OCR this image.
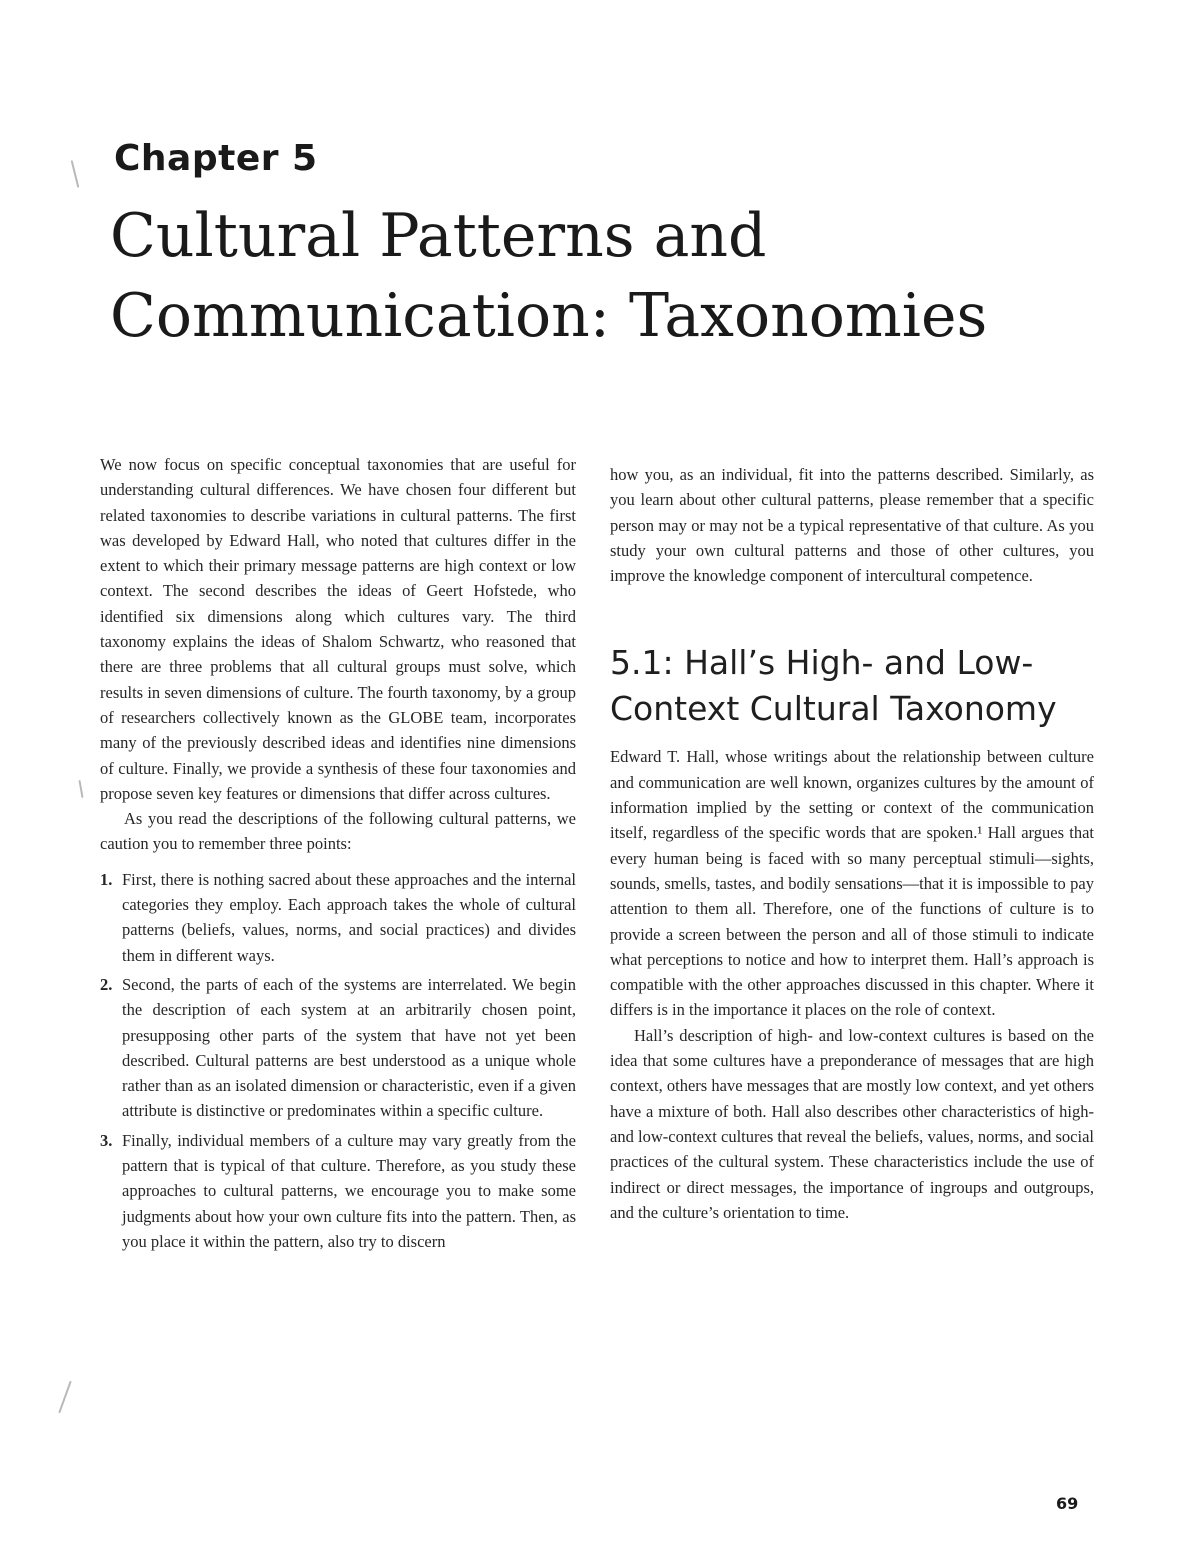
Chapter 5
Cultural Patterns and
Communication: Taxonomies

We now focus on specific conceptual taxonomies that are useful for understanding cultural differences. We have chosen four different but related taxonomies to describe variations in cultural patterns. The first was developed by Edward Hall, who noted that cultures differ in the extent to which their primary message patterns are high context or low context. The second describes the ideas of Geert Hofstede, who identified six dimensions along which cultures vary. The third taxonomy explains the ideas of Shalom Schwartz, who reasoned that there are three problems that all cultural groups must solve, which results in seven dimensions of culture. The fourth taxonomy, by a group of researchers collectively known as the GLOBE team, incorporates many of the previously described ideas and identifies nine dimensions of culture. Finally, we provide a synthesis of these four taxonomies and propose seven key features or dimensions that differ across cultures.

As you read the descriptions of the following cultural patterns, we caution you to remember three points:

1. First, there is nothing sacred about these approaches and the internal categories they employ. Each approach takes the whole of cultural patterns (beliefs, values, norms, and social practices) and divides them in different ways.
2. Second, the parts of each of the systems are interrelated. We begin the description of each system at an arbitrarily chosen point, presupposing other parts of the system that have not yet been described. Cultural patterns are best understood as a unique whole rather than as an isolated dimension or characteristic, even if a given attribute is distinctive or predominates within a specific culture.
3. Finally, individual members of a culture may vary greatly from the pattern that is typical of that culture. Therefore, as you study these approaches to cultural patterns, we encourage you to make some judgments about how your own culture fits into the pattern. Then, as you place it within the pattern, also try to discern

how you, as an individual, fit into the patterns described. Similarly, as you learn about other cultural patterns, please remember that a specific person may or may not be a typical representative of that culture. As you study your own cultural patterns and those of other cultures, you improve the knowledge component of intercultural competence.

5.1: Hall’s High- and Low-Context Cultural Taxonomy

Edward T. Hall, whose writings about the relationship between culture and communication are well known, organizes cultures by the amount of information implied by the setting or context of the communication itself, regardless of the specific words that are spoken.¹ Hall argues that every human being is faced with so many perceptual stimuli—sights, sounds, smells, tastes, and bodily sensations—that it is impossible to pay attention to them all. Therefore, one of the functions of culture is to provide a screen between the person and all of those stimuli to indicate what perceptions to notice and how to interpret them. Hall’s approach is compatible with the other approaches discussed in this chapter. Where it differs is in the importance it places on the role of context.

Hall’s description of high- and low-context cultures is based on the idea that some cultures have a preponderance of messages that are high context, others have messages that are mostly low context, and yet others have a mixture of both. Hall also describes other characteristics of high- and low-context cultures that reveal the beliefs, values, norms, and social practices of the cultural system. These characteristics include the use of indirect or direct messages, the importance of ingroups and outgroups, and the culture’s orientation to time.

69
